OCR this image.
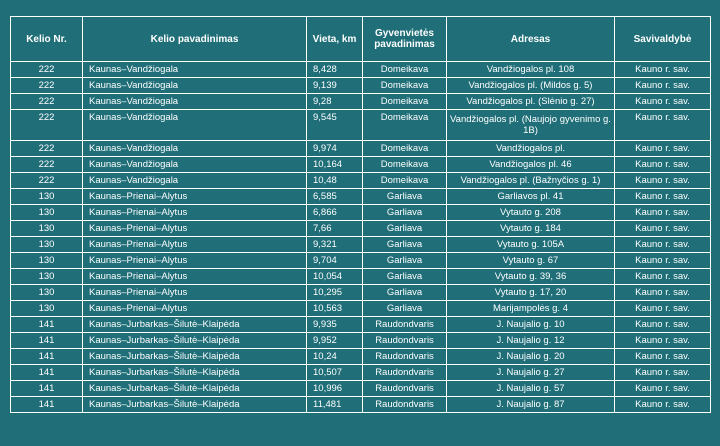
Kelio Nr.	Kelio pavadinimas	Vieta, km	Gyvenvietės pavadinimas	Adresas	Savivaldybė
222	Kaunas–Vandžiogala	8,428	Domeikava	Vandžiogalos pl. 108	Kauno r. sav.
222	Kaunas–Vandžiogala	9,139	Domeikava	Vandžiogalos pl. (Mildos g. 5)	Kauno r. sav.
222	Kaunas–Vandžiogala	9,28	Domeikava	Vandžiogalos pl. (Slėnio g. 27)	Kauno r. sav.
222	Kaunas–Vandžiogala	9,545	Domeikava	Vandžiogalos pl. (Naujojo gyvenimo g. 1B)	Kauno r. sav.
222	Kaunas–Vandžiogala	9,974	Domeikava	Vandžiogalos pl.	Kauno r. sav.
222	Kaunas–Vandžiogala	10,164	Domeikava	Vandžiogalos pl. 46	Kauno r. sav.
222	Kaunas–Vandžiogala	10,48	Domeikava	Vandžiogalos pl. (Bažnyčios g. 1)	Kauno r. sav.
130	Kaunas–Prienai–Alytus	6,585	Garliava	Garliavos pl. 41	Kauno r. sav.
130	Kaunas–Prienai–Alytus	6,866	Garliava	Vytauto g. 208	Kauno r. sav.
130	Kaunas–Prienai–Alytus	7,66	Garliava	Vytauto g. 184	Kauno r. sav.
130	Kaunas–Prienai–Alytus	9,321	Garliava	Vytauto g. 105A	Kauno r. sav.
130	Kaunas–Prienai–Alytus	9,704	Garliava	Vytauto g. 67	Kauno r. sav.
130	Kaunas–Prienai–Alytus	10,054	Garliava	Vytauto g. 39, 36	Kauno r. sav.
130	Kaunas–Prienai–Alytus	10,295	Garliava	Vytauto g. 17, 20	Kauno r. sav.
130	Kaunas–Prienai–Alytus	10,563	Garliava	Marijampolės g. 4	Kauno r. sav.
141	Kaunas–Jurbarkas–Šilutė–Klaipėda	9,935	Raudondvaris	J. Naujalio g. 10	Kauno r. sav.
141	Kaunas–Jurbarkas–Šilutė–Klaipėda	9,952	Raudondvaris	J. Naujalio g. 12	Kauno r. sav.
141	Kaunas–Jurbarkas–Šilutė–Klaipėda	10,24	Raudondvaris	J. Naujalio g. 20	Kauno r. sav.
141	Kaunas–Jurbarkas–Šilutė–Klaipėda	10,507	Raudondvaris	J. Naujalio g. 27	Kauno r. sav.
141	Kaunas–Jurbarkas–Šilutė–Klaipėda	10,996	Raudondvaris	J. Naujalio g. 57	Kauno r. sav.
141	Kaunas–Jurbarkas–Šilutė–Klaipėda	11,481	Raudondvaris	J. Naujalio g. 87	Kauno r. sav.
